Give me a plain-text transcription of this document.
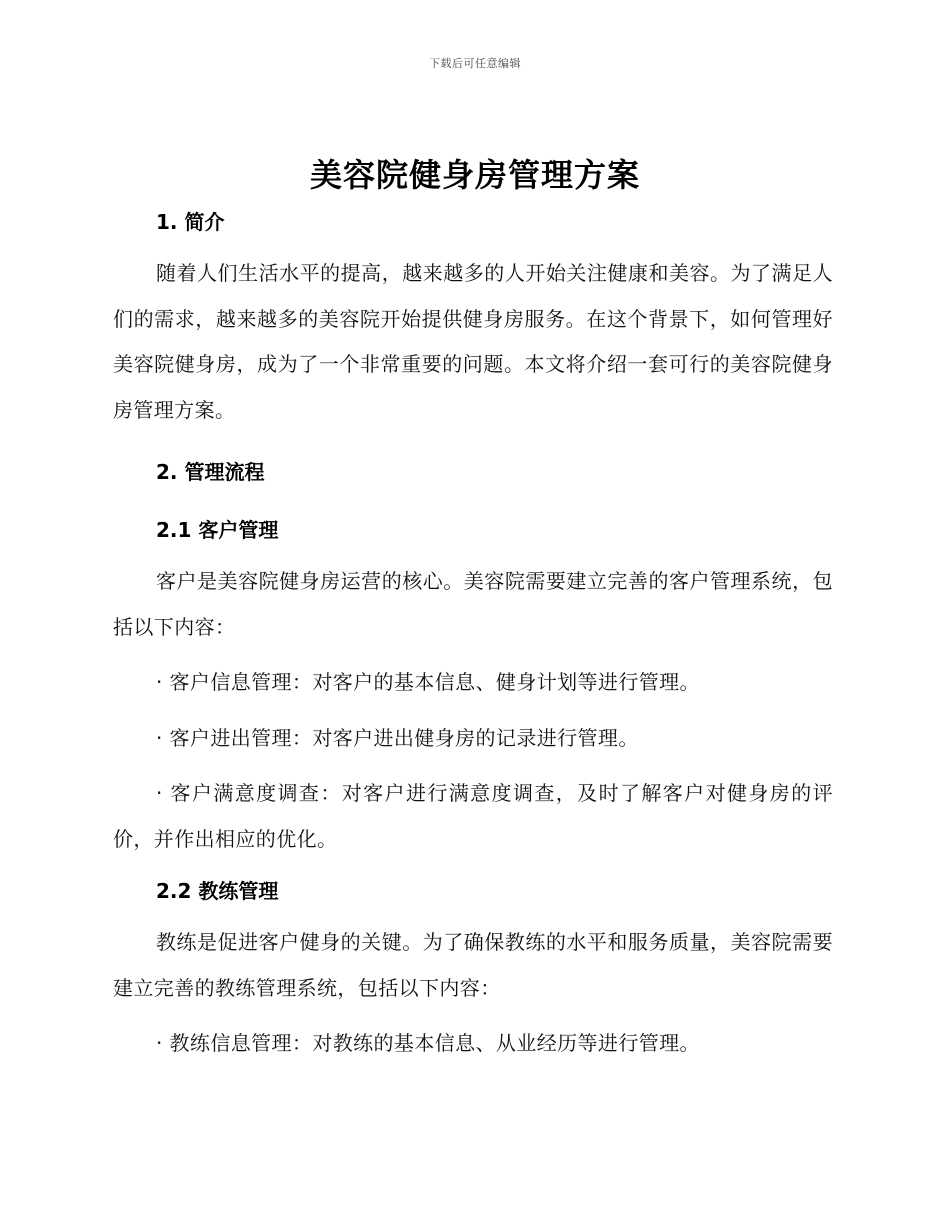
下载后可任意编辑
美容院健身房管理方案

1. 简介

随着人们生活水平的提高，越来越多的人开始关注健康和美容。为了满足人们的需求，越来越多的美容院开始提供健身房服务。在这个背景下，如何管理好美容院健身房，成为了一个非常重要的问题。本文将介绍一套可行的美容院健身房管理方案。

2. 管理流程

2.1 客户管理

客户是美容院健身房运营的核心。美容院需要建立完善的客户管理系统，包括以下内容：

· 客户信息管理：对客户的基本信息、健身计划等进行管理。

· 客户进出管理：对客户进出健身房的记录进行管理。

· 客户满意度调查：对客户进行满意度调查，及时了解客户对健身房的评价，并作出相应的优化。

2.2 教练管理

教练是促进客户健身的关键。为了确保教练的水平和服务质量，美容院需要建立完善的教练管理系统，包括以下内容：

· 教练信息管理：对教练的基本信息、从业经历等进行管理。
